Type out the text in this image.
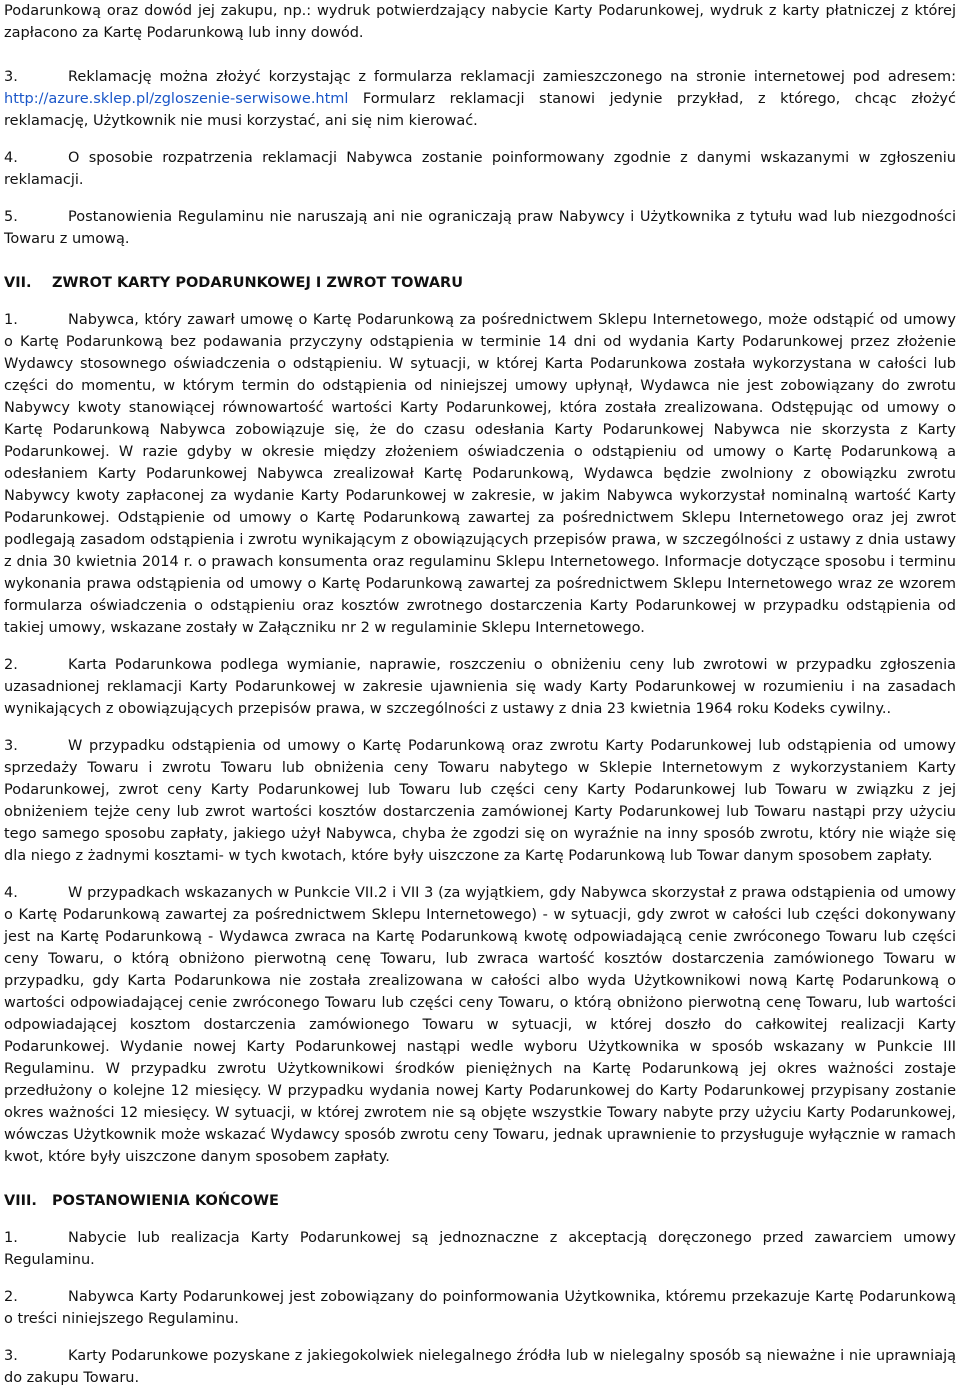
Podarunkową oraz dowód jej zakupu, np.: wydruk potwierdzający nabycie Karty Podarunkowej, wydruk z karty płatniczej z której zapłacono za Kartę Podarunkową lub inny dowód.

3.	Reklamację można złożyć korzystając z formularza reklamacji zamieszczonego na stronie internetowej pod adresem: http://azure.sklep.pl/zgloszenie-serwisowe.html Formularz reklamacji stanowi jedynie przykład, z którego, chcąc złożyć reklamację, Użytkownik nie musi korzystać, ani się nim kierować.

4.	O sposobie rozpatrzenia reklamacji Nabywca zostanie poinformowany zgodnie z danymi wskazanymi w zgłoszeniu reklamacji.

5.	Postanowienia Regulaminu nie naruszają ani nie ograniczają praw Nabywcy i Użytkownika z tytułu wad lub niezgodności Towaru z umową.

VII. ZWROT KARTY PODARUNKOWEJ I ZWROT TOWARU

1.	Nabywca, który zawarł umowę o Kartę Podarunkową za pośrednictwem Sklepu Internetowego, może odstąpić od umowy o Kartę Podarunkową bez podawania przyczyny odstąpienia w terminie 14 dni od wydania Karty Podarunkowej przez złożenie Wydawcy stosownego oświadczenia o odstąpieniu. W sytuacji, w której Karta Podarunkowa została wykorzystana w całości lub części do momentu, w którym termin do odstąpienia od niniejszej umowy upłynął, Wydawca nie jest zobowiązany do zwrotu Nabywcy kwoty stanowiącej równowartość wartości Karty Podarunkowej, która została zrealizowana. Odstępując od umowy o Kartę Podarunkową Nabywca zobowiązuje się, że do czasu odesłania Karty Podarunkowej Nabywca nie skorzysta z Karty Podarunkowej. W razie gdyby w okresie między złożeniem oświadczenia o odstąpieniu od umowy o Kartę Podarunkową a odesłaniem Karty Podarunkowej Nabywca zrealizował Kartę Podarunkową, Wydawca będzie zwolniony z obowiązku zwrotu Nabywcy kwoty zapłaconej za wydanie Karty Podarunkowej w zakresie, w jakim Nabywca wykorzystał nominalną wartość Karty Podarunkowej. Odstąpienie od umowy o Kartę Podarunkową zawartej za pośrednictwem Sklepu Internetowego oraz jej zwrot podlegają zasadom odstąpienia i zwrotu wynikającym z obowiązujących przepisów prawa, w szczególności z ustawy z dnia ustawy z dnia 30 kwietnia 2014 r. o prawach konsumenta oraz regulaminu Sklepu Internetowego. Informacje dotyczące sposobu i terminu wykonania prawa odstąpienia od umowy o Kartę Podarunkową zawartej za pośrednictwem Sklepu Internetowego wraz ze wzorem formularza oświadczenia o odstąpieniu oraz kosztów zwrotnego dostarczenia Karty Podarunkowej w przypadku odstąpienia od takiej umowy, wskazane zostały w Załączniku nr 2 w regulaminie Sklepu Internetowego.

2.	Karta Podarunkowa podlega wymianie, naprawie, roszczeniu o obniżeniu ceny lub zwrotowi w przypadku zgłoszenia uzasadnionej reklamacji Karty Podarunkowej w zakresie ujawnienia się wady Karty Podarunkowej w rozumieniu i na zasadach wynikających z obowiązujących przepisów prawa, w szczególności z ustawy z dnia 23 kwietnia 1964 roku Kodeks cywilny..

3.	W przypadku odstąpienia od umowy o Kartę Podarunkową oraz zwrotu Karty Podarunkowej lub odstąpienia od umowy sprzedaży Towaru i zwrotu Towaru lub obniżenia ceny Towaru nabytego w Sklepie Internetowym z wykorzystaniem Karty Podarunkowej, zwrot ceny Karty Podarunkowej lub Towaru lub części ceny Karty Podarunkowej lub Towaru w związku z jej obniżeniem tejże ceny lub zwrot wartości kosztów dostarczenia zamówionej Karty Podarunkowej lub Towaru nastąpi przy użyciu tego samego sposobu zapłaty, jakiego użył Nabywca, chyba że zgodzi się on wyraźnie na inny sposób zwrotu, który nie wiąże się dla niego z żadnymi kosztami- w tych kwotach, które były uiszczone za Kartę Podarunkową lub Towar danym sposobem zapłaty.

4.	W przypadkach wskazanych w Punkcie VII.2 i VII 3 (za wyjątkiem, gdy Nabywca skorzystał z prawa odstąpienia od umowy o Kartę Podarunkową zawartej za pośrednictwem Sklepu Internetowego) - w sytuacji, gdy zwrot w całości lub części dokonywany jest na Kartę Podarunkową - Wydawca zwraca na Kartę Podarunkową kwotę odpowiadającą cenie zwróconego Towaru lub części ceny Towaru, o którą obniżono pierwotną cenę Towaru, lub zwraca wartość kosztów dostarczenia zamówionego Towaru w przypadku, gdy Karta Podarunkowa nie została zrealizowana w całości albo wyda Użytkownikowi nową Kartę Podarunkową o wartości odpowiadającej cenie zwróconego Towaru lub części ceny Towaru, o którą obniżono pierwotną cenę Towaru, lub wartości odpowiadającej kosztom dostarczenia zamówionego Towaru w sytuacji, w której doszło do całkowitej realizacji Karty Podarunkowej. Wydanie nowej Karty Podarunkowej nastąpi wedle wyboru Użytkownika w sposób wskazany w Punkcie III Regulaminu. W przypadku zwrotu Użytkownikowi środków pieniężnych na Kartę Podarunkową jej okres ważności zostaje przedłużony o kolejne 12 miesięcy. W przypadku wydania nowej Karty Podarunkowej do Karty Podarunkowej przypisany zostanie okres ważności 12 miesięcy. W sytuacji, w której zwrotem nie są objęte wszystkie Towary nabyte przy użyciu Karty Podarunkowej, wówczas Użytkownik może wskazać Wydawcy sposób zwrotu ceny Towaru, jednak uprawnienie to przysługuje wyłącznie w ramach kwot, które były uiszczone danym sposobem zapłaty.

VIII. POSTANOWIENIA KOŃCOWE

1.	Nabycie lub realizacja Karty Podarunkowej są jednoznaczne z akceptacją doręczonego przed zawarciem umowy Regulaminu.

2.	Nabywca Karty Podarunkowej jest zobowiązany do poinformowania Użytkownika, któremu przekazuje Kartę Podarunkową o treści niniejszego Regulaminu.

3.	Karty Podarunkowe pozyskane z jakiegokolwiek nielegalnego źródła lub w nielegalny sposób są nieważne i nie uprawniają do zakupu Towaru.
